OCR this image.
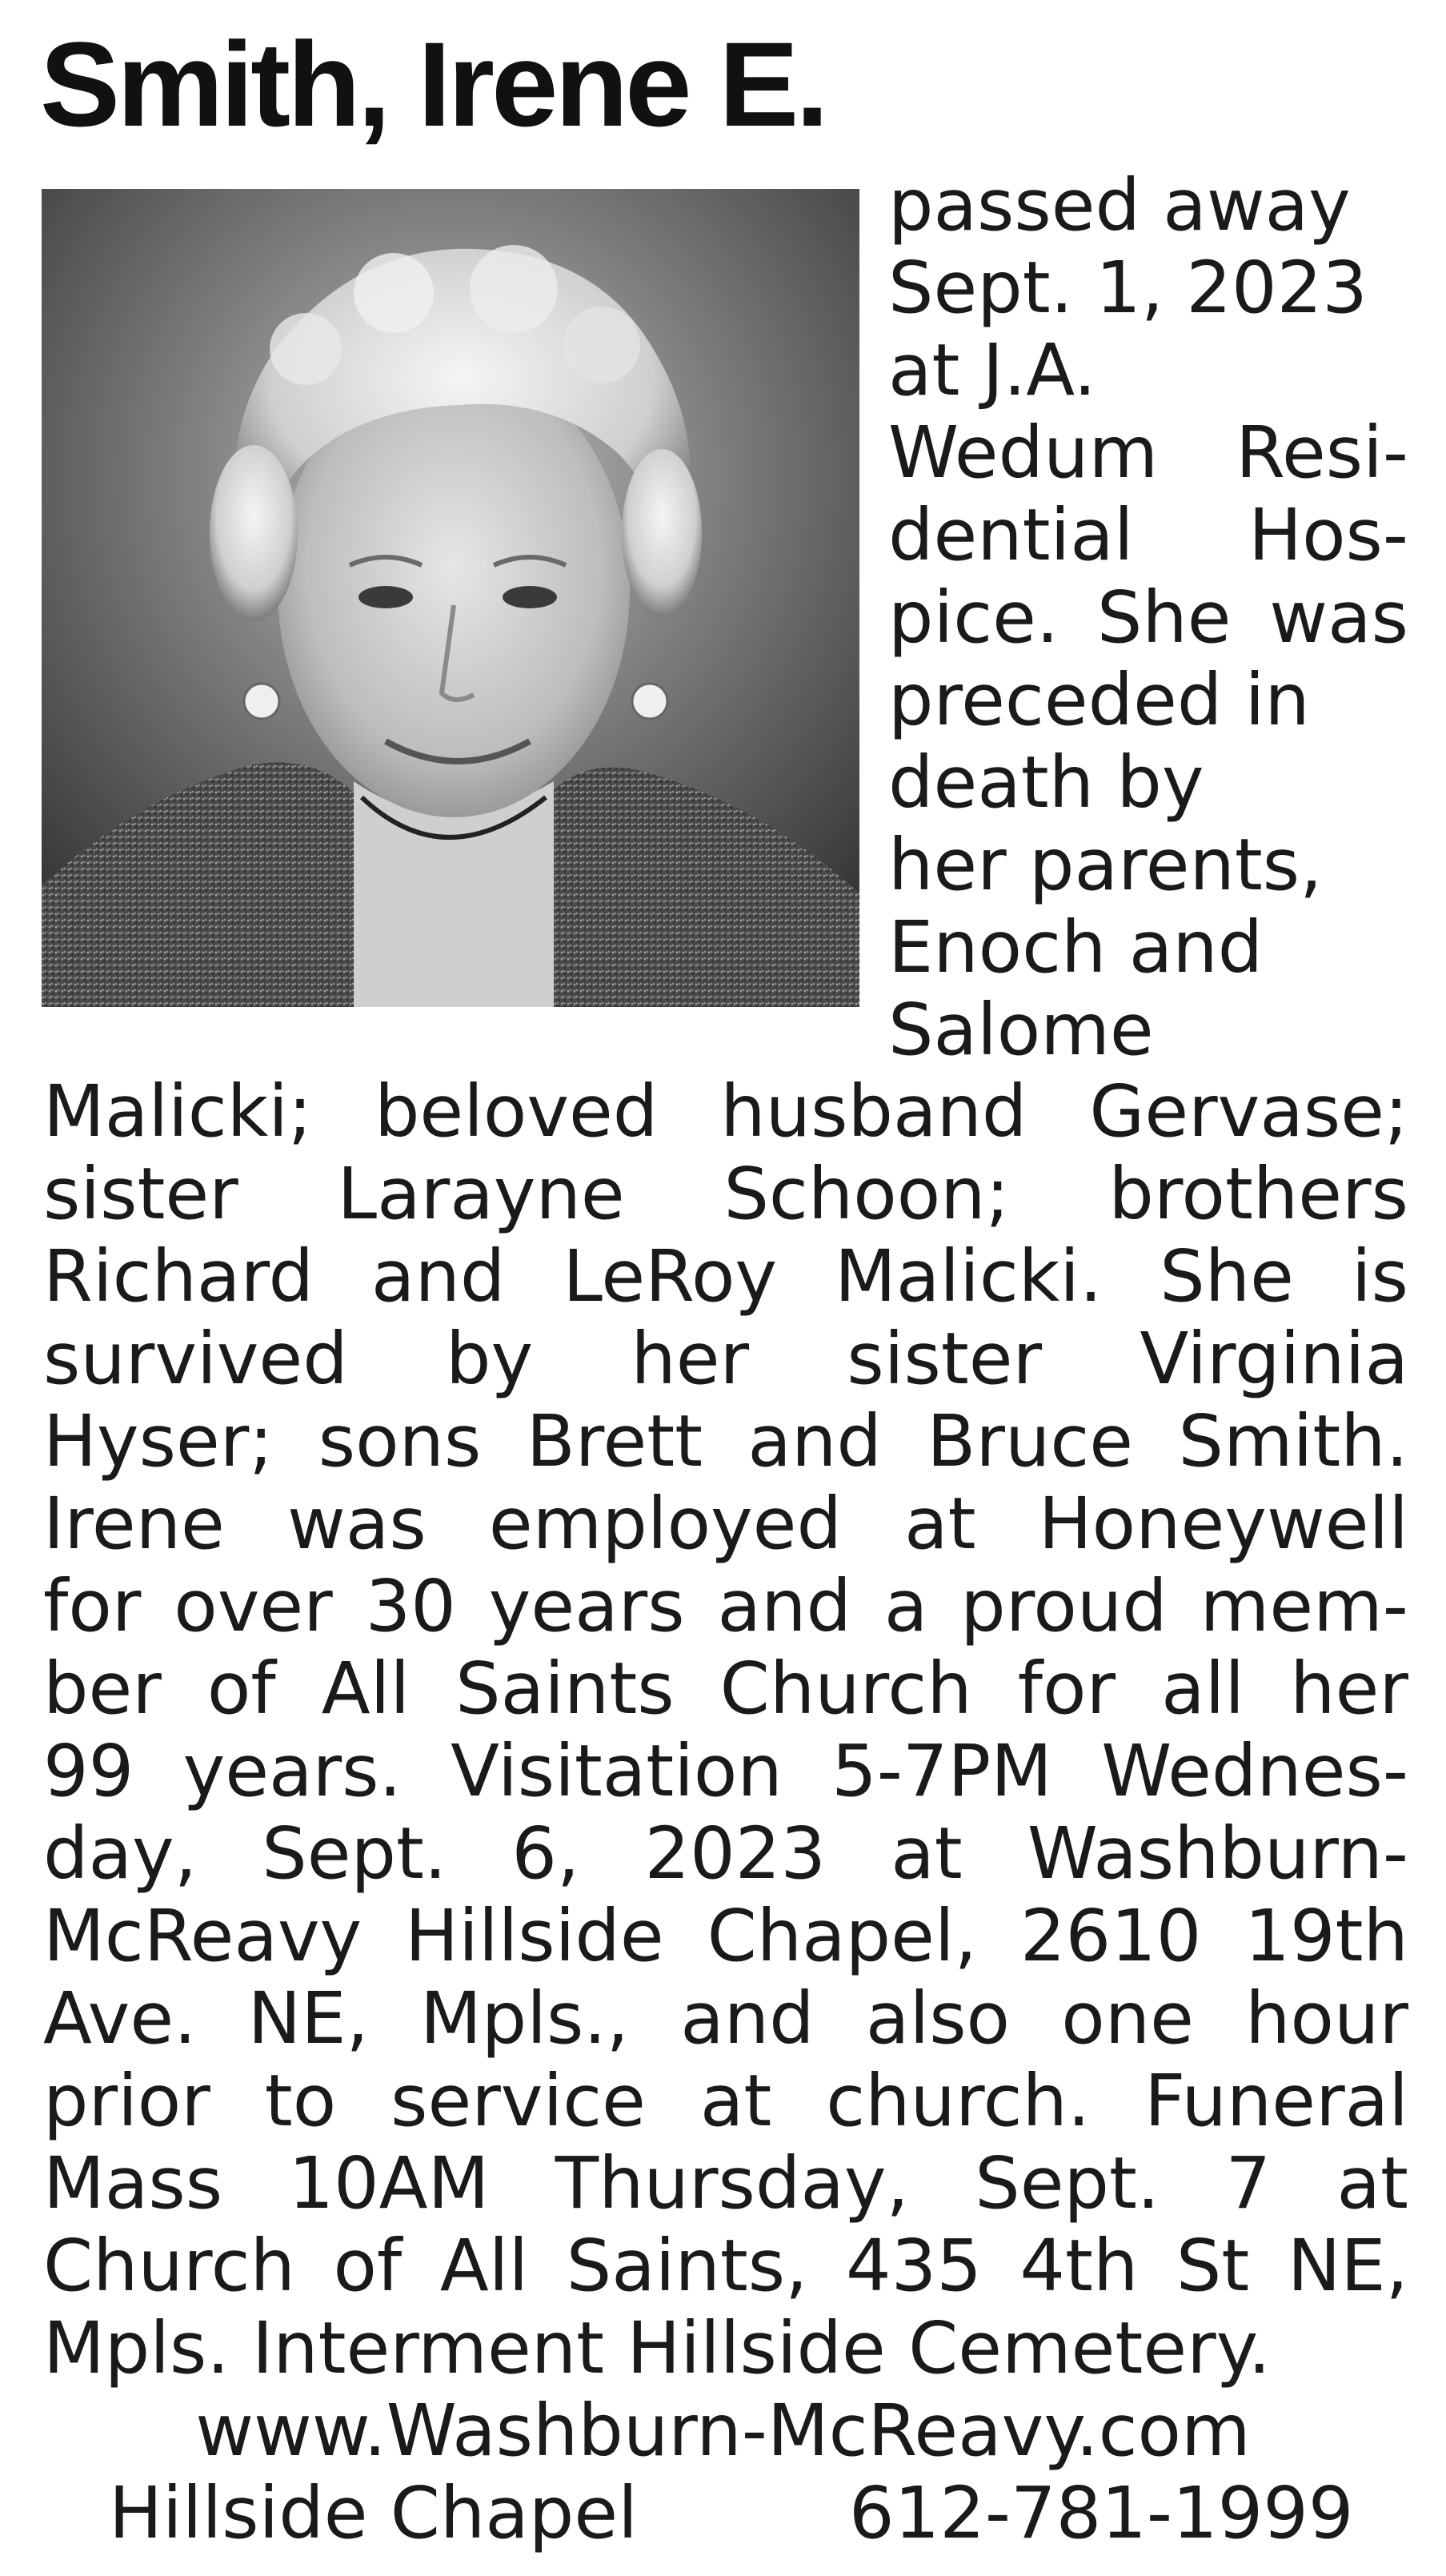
Smith, Irene E.
passed away
Sept. 1, 2023
at J.A.
Wedum Resi-
dential Hos-
pice. She was
preceded in
death by
her parents,
Enoch and
Salome
Malicki; beloved husband Gervase;
sister Larayne Schoon; brothers
Richard and LeRoy Malicki. She is
survived by her sister Virginia
Hyser; sons Brett and Bruce Smith.
Irene was employed at Honeywell
for over 30 years and a proud mem-
ber of All Saints Church for all her
99 years. Visitation 5-7PM Wednes-
day, Sept. 6, 2023 at Washburn-
McReavy Hillside Chapel, 2610 19th
Ave. NE, Mpls., and also one hour
prior to service at church. Funeral
Mass 10AM Thursday, Sept. 7 at
Church of All Saints, 435 4th St NE,
Mpls. Interment Hillside Cemetery.
www.Washburn-McReavy.com
Hillside Chapel	612-781-1999
